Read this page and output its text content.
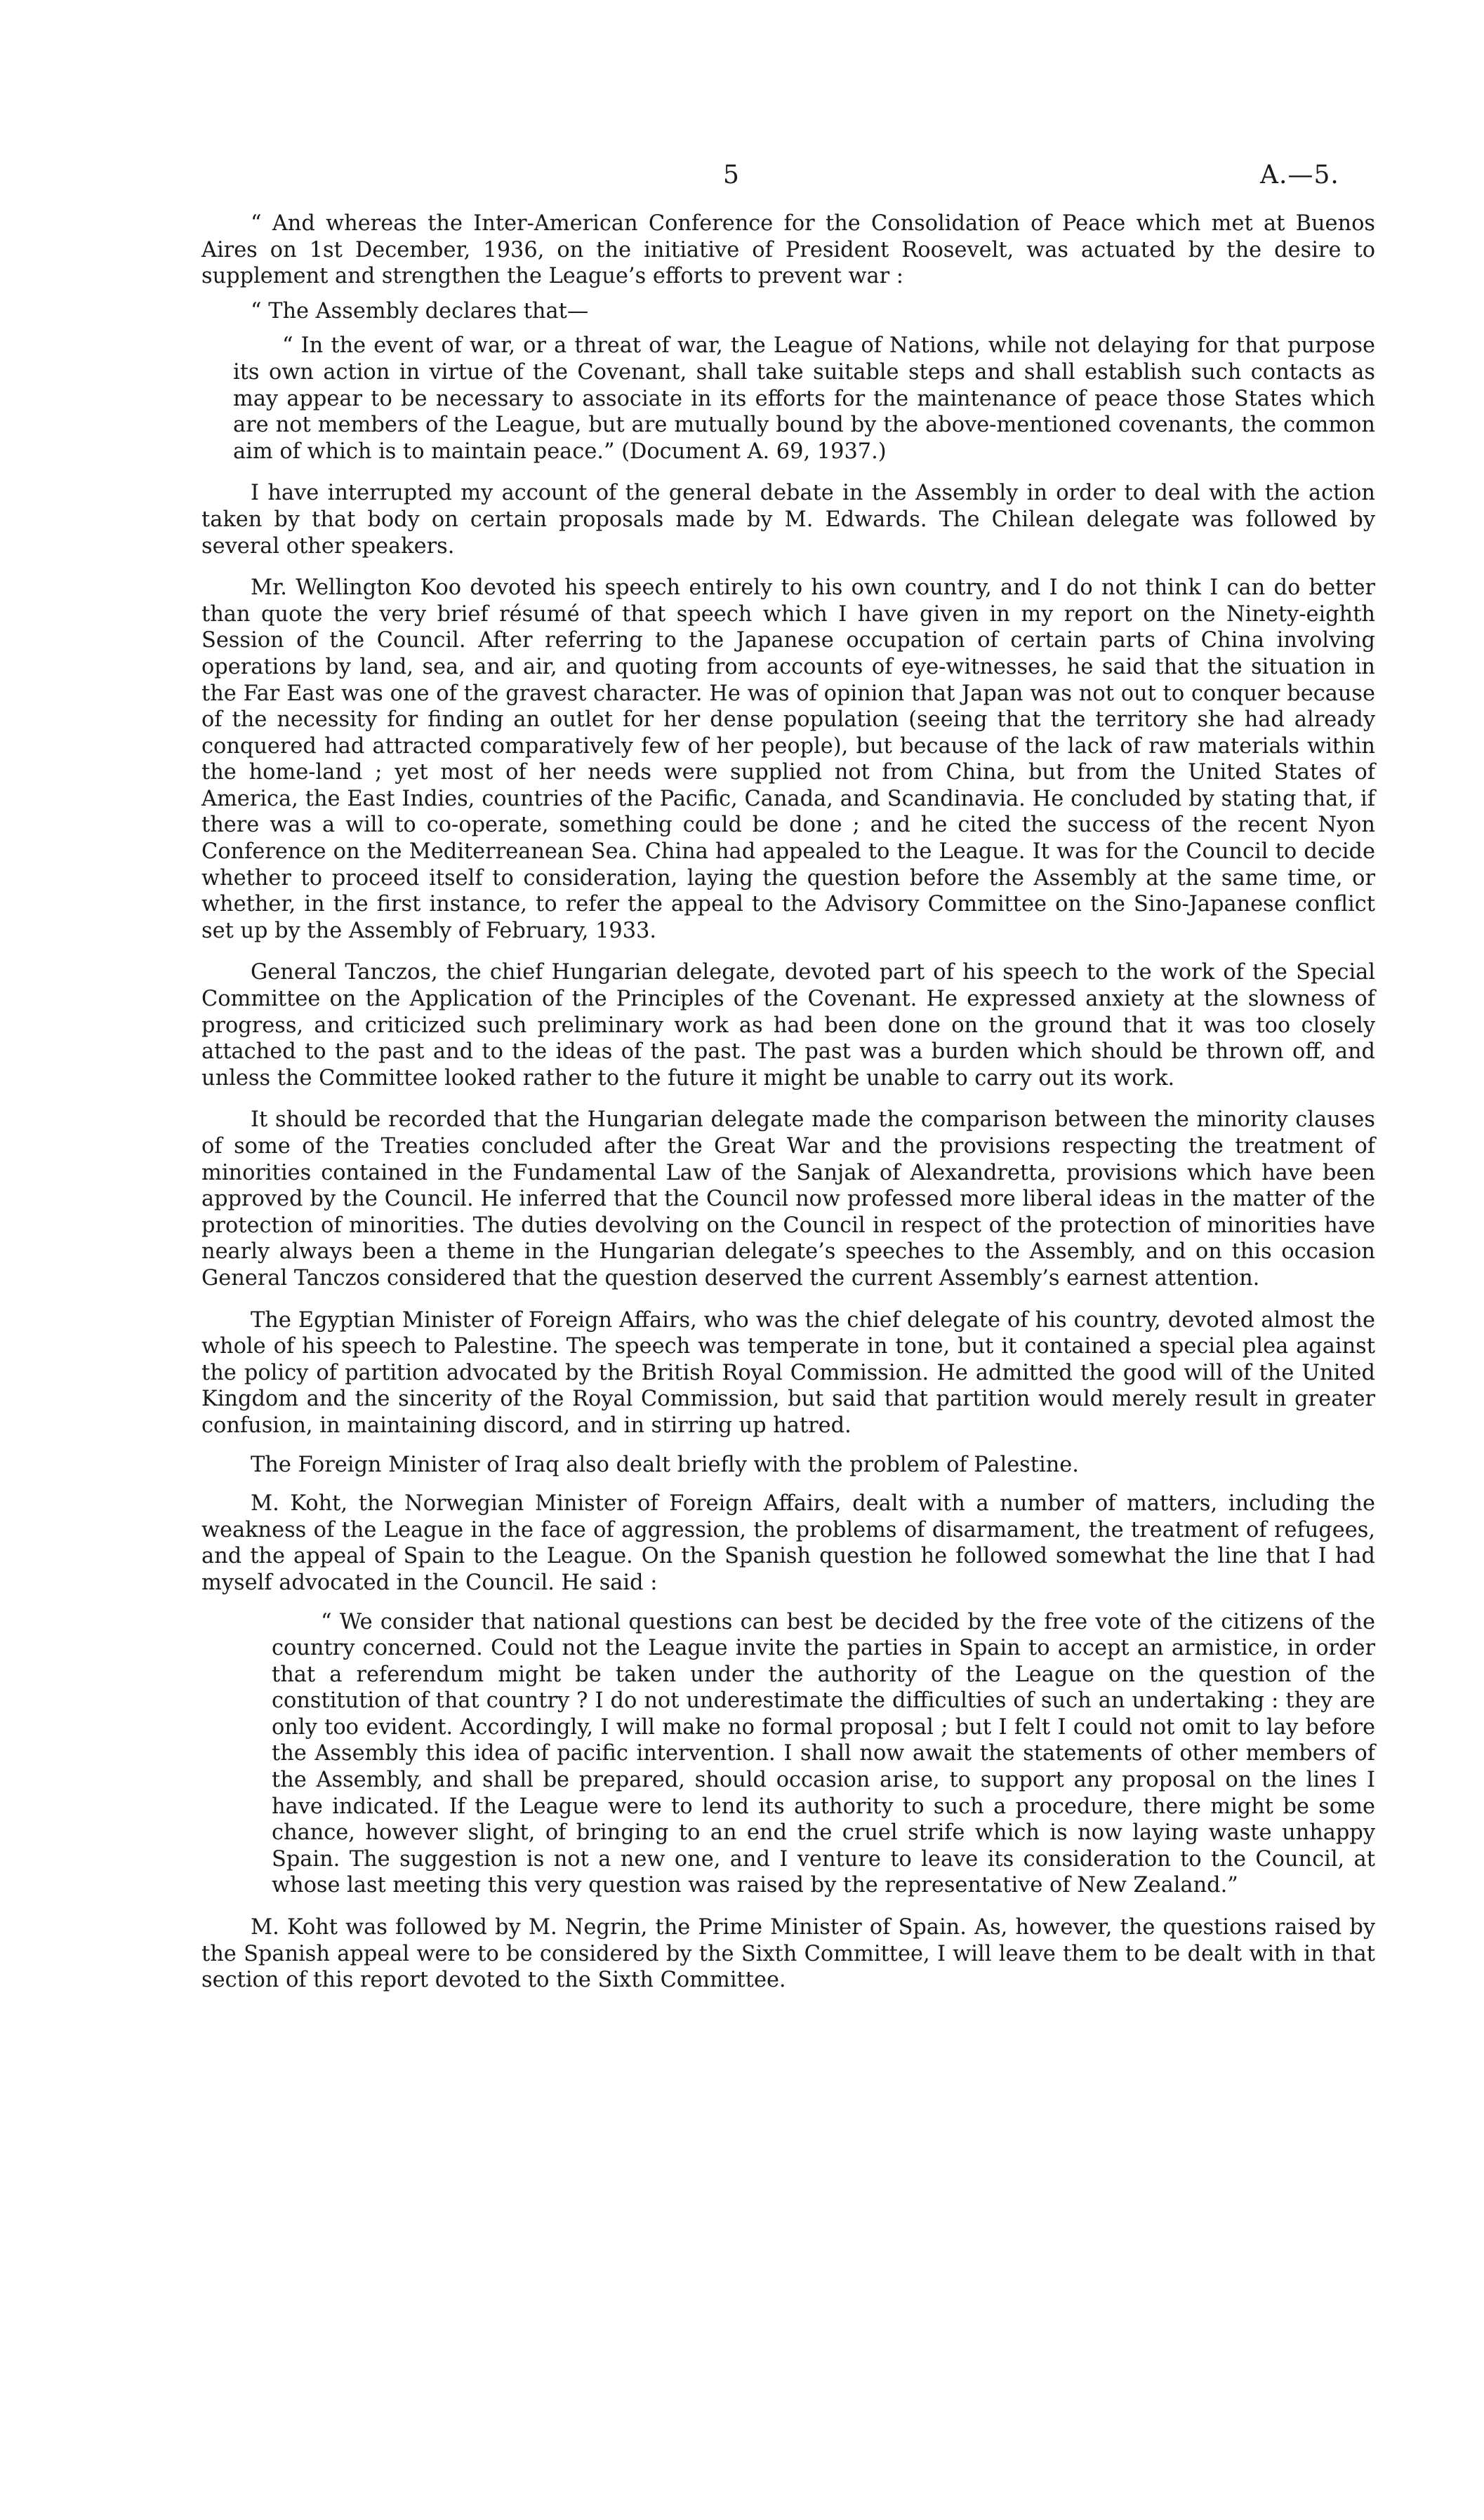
5	A.—5.

“ And whereas the Inter-American Conference for the Consolidation of Peace which met at Buenos Aires on 1st December, 1936, on the initiative of President Roosevelt, was actuated by the desire to supplement and strengthen the League’s efforts to prevent war :

“ The Assembly declares that—

“ In the event of war, or a threat of war, the League of Nations, while not delaying for that purpose its own action in virtue of the Covenant, shall take suitable steps and shall establish such contacts as may appear to be necessary to associate in its efforts for the maintenance of peace those States which are not members of the League, but are mutually bound by the above-mentioned covenants, the common aim of which is to maintain peace.” (Document A. 69, 1937.)

I have interrupted my account of the general debate in the Assembly in order to deal with the action taken by that body on certain proposals made by M. Edwards. The Chilean delegate was followed by several other speakers.

Mr. Wellington Koo devoted his speech entirely to his own country, and I do not think I can do better than quote the very brief résumé of that speech which I have given in my report on the Ninety-eighth Session of the Council. After referring to the Japanese occupation of certain parts of China involving operations by land, sea, and air, and quoting from accounts of eye-witnesses, he said that the situation in the Far East was one of the gravest character. He was of opinion that Japan was not out to conquer because of the necessity for finding an outlet for her dense population (seeing that the territory she had already conquered had attracted comparatively few of her people), but because of the lack of raw materials within the home-land ; yet most of her needs were supplied not from China, but from the United States of America, the East Indies, countries of the Pacific, Canada, and Scandinavia. He concluded by stating that, if there was a will to co-operate, something could be done ; and he cited the success of the recent Nyon Conference on the Mediterreanean Sea. China had appealed to the League. It was for the Council to decide whether to proceed itself to consideration, laying the question before the Assembly at the same time, or whether, in the first instance, to refer the appeal to the Advisory Committee on the Sino-Japanese conflict set up by the Assembly of February, 1933.

General Tanczos, the chief Hungarian delegate, devoted part of his speech to the work of the Special Committee on the Application of the Principles of the Covenant. He expressed anxiety at the slowness of progress, and criticized such preliminary work as had been done on the ground that it was too closely attached to the past and to the ideas of the past. The past was a burden which should be thrown off, and unless the Committee looked rather to the future it might be unable to carry out its work.

It should be recorded that the Hungarian delegate made the comparison between the minority clauses of some of the Treaties concluded after the Great War and the provisions respecting the treatment of minorities contained in the Fundamental Law of the Sanjak of Alexandretta, provisions which have been approved by the Council. He inferred that the Council now professed more liberal ideas in the matter of the protection of minorities. The duties devolving on the Council in respect of the protection of minorities have nearly always been a theme in the Hungarian delegate’s speeches to the Assembly, and on this occasion General Tanczos considered that the question deserved the current Assembly’s earnest attention.

The Egyptian Minister of Foreign Affairs, who was the chief delegate of his country, devoted almost the whole of his speech to Palestine. The speech was temperate in tone, but it contained a special plea against the policy of partition advocated by the British Royal Commission. He admitted the good will of the United Kingdom and the sincerity of the Royal Commission, but said that partition would merely result in greater confusion, in maintaining discord, and in stirring up hatred.

The Foreign Minister of Iraq also dealt briefly with the problem of Palestine.

M. Koht, the Norwegian Minister of Foreign Affairs, dealt with a number of matters, including the weakness of the League in the face of aggression, the problems of disarmament, the treatment of refugees, and the appeal of Spain to the League. On the Spanish question he followed somewhat the line that I had myself advocated in the Council. He said :

“ We consider that national questions can best be decided by the free vote of the citizens of the country concerned. Could not the League invite the parties in Spain to accept an armistice, in order that a referendum might be taken under the authority of the League on the question of the constitution of that country ? I do not underestimate the difficulties of such an undertaking : they are only too evident. Accordingly, I will make no formal proposal ; but I felt I could not omit to lay before the Assembly this idea of pacific intervention. I shall now await the statements of other members of the Assembly, and shall be prepared, should occasion arise, to support any proposal on the lines I have indicated. If the League were to lend its authority to such a procedure, there might be some chance, however slight, of bringing to an end the cruel strife which is now laying waste unhappy Spain. The suggestion is not a new one, and I venture to leave its consideration to the Council, at whose last meeting this very question was raised by the representative of New Zealand.”

M. Koht was followed by M. Negrin, the Prime Minister of Spain. As, however, the questions raised by the Spanish appeal were to be considered by the Sixth Committee, I will leave them to be dealt with in that section of this report devoted to the Sixth Committee.
